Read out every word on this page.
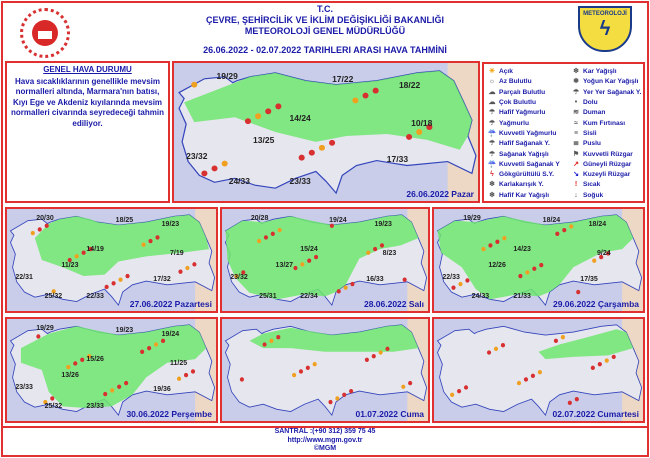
T.C.
ÇEVRE, ŞEHİRCİLİK VE İKLİM DEĞİŞİKLİĞİ BAKANLIĞI
METEOROLOJİ GENEL MÜDÜRLÜĞÜ
26.06.2022 - 02.07.2022 TARIHLERI ARASI HAVA TAHMİNİ
METEOROLOJİ
ϟ
GENEL HAVA DURUMU
Hava sıcaklıklarının genellikle mevsim normalleri altında, Marmara'nın batısı, Kıyı Ege ve Akdeniz kıyılarında mevsim normalleri civarında seyredeceği tahmin ediliyor.
19/29	17/22
18/22
14/24
10/18
13/25
23/32	17/33
24/33	23/33
26.06.2022 Pazar
☀ Açık
☼ Az Bulutlu
☁ Parçalı Bulutlu
☁ Çok Bulutlu
☂ Hafif Yağmurlu
☂ Yağmurlu
☔ Kuvvetli Yağmurlu
☂ Hafif Sağanak Y.
☂ Sağanak Yağışlı
☔ Kuvvetli Sağanak Y
ϟ Gökgürültülü S.Y.
❄ Karlakarışık Y.
❄ Hafif Kar Yağışlı
❄ Kar Yağışlı
❅ Yoğun Kar Yağışlı
☂ Yer Yer Sağanak Y.
• Dolu
≋ Duman
≈ Kum Fırtınası
≡ Sisli
≣ Puslu
⚑ Kuvvetli Rüzgar
↗ Güneyli Rüzgar
↘ Kuzeyli Rüzgar
! Sıcak
↓ Soğuk
20/30	18/25
19/23
14/19
7/19
11/23
22/31	17/32
25/32	22/33
27.06.2022 Pazartesi
20/28	19/24
19/23
15/24
8/23
13/27
23/32	16/33
25/31	22/34
28.06.2022 Salı
19/29	18/24
18/24
14/23
9/24
12/26
22/33	17/35
24/33	21/33
29.06.2022 Çarşamba
19/29	19/23
19/24
15/26
11/25
13/26
23/33	19/36
25/32	23/33
30.06.2022 Perşembe	01.07.2022 Cuma	02.07.2022 Cumartesi
SANTRAL :(+90 312) 359 75 45
http://www.mgm.gov.tr
©MGM
